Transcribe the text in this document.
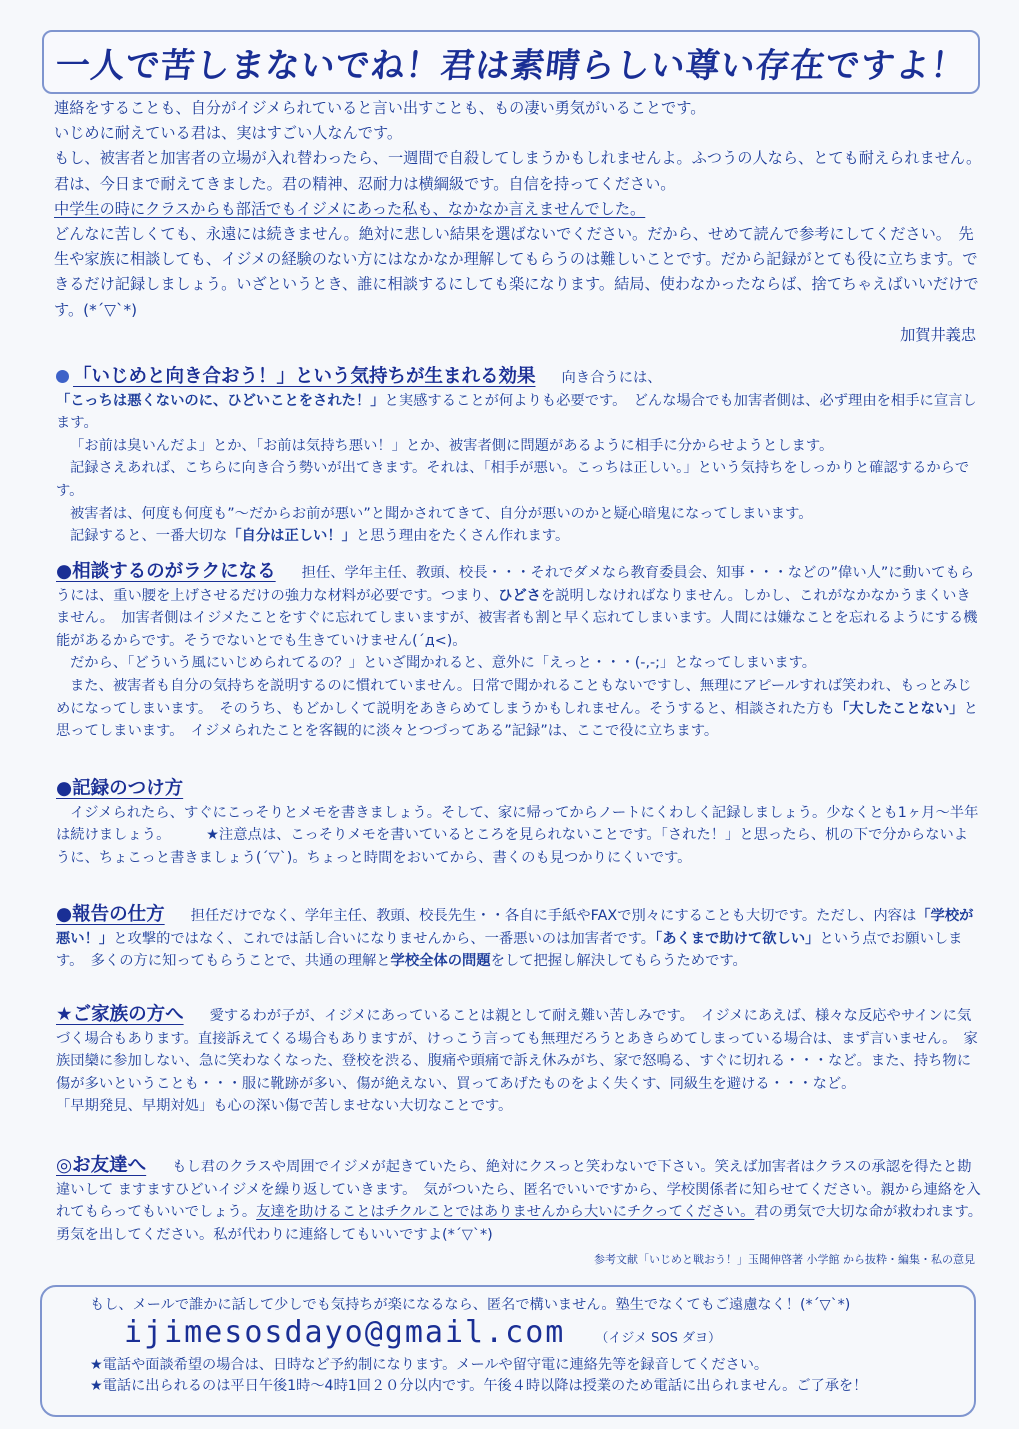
一人で苦しまないでね！君は素晴らしい尊い存在ですよ！

連絡をすることも、自分がイジメられていると言い出すことも、もの凄い勇気がいることです。

いじめに耐えている君は、実はすごい人なんです。

もし、被害者と加害者の立場が入れ替わったら、一週間で自殺してしまうかもしれませんよ。ふつうの人なら、とても耐えられません。君は、今日まで耐えてきました。君の精神、忍耐力は横綱級です。自信を持ってください。

中学生の時にクラスからも部活でもイジメにあった私も、なかなか言えませんでした。

どんなに苦しくても、永遠には続きません。絶対に悲しい結果を選ばないでください。だから、せめて読んで参考にしてください。　先生や家族に相談しても、イジメの経験のない方にはなかなか理解してもらうのは難しいことです。だから記録がとても役に立ちます。できるだけ記録しましょう。いざというとき、誰に相談するにしても楽になります。結局、使わなかったならば、捨てちゃえばいいだけです。(*´▽`*)

加賀井義忠

「いじめと向き合おう！」という気持ちが生まれる効果 向き合うには、「こっちは悪くないのに、ひどいことをされた！」と実感することが何よりも必要です。　どんな場合でも加害者側は、必ず理由を相手に宣言します。

「お前は臭いんだよ」とか、「お前は気持ち悪い！」とか、被害者側に問題があるように相手に分からせようとします。

記録さえあれば、こちらに向き合う勢いが出てきます。それは、「相手が悪い。こっちは正しい。」という気持ちをしっかりと確認するからです。

被害者は、何度も何度も”～だからお前が悪い”と聞かされてきて、自分が悪いのかと疑心暗鬼になってしまいます。

記録すると、一番大切な「自分は正しい！」と思う理由をたくさん作れます。

●相談するのがラクになる 担任、学年主任、教頭、校長・・・それでダメなら教育委員会、知事・・・などの”偉い人”に動いてもらうには、重い腰を上げさせるだけの強力な材料が必要です。つまり、ひどさを説明しなければなりません。しかし、これがなかなかうまくいきません。　加害者側はイジメたことをすぐに忘れてしまいますが、被害者も割と早く忘れてしまいます。人間には嫌なことを忘れるようにする機能があるからです。そうでないとでも生きていけません(´д<)。

だから、「どういう風にいじめられてるの？」といざ聞かれると、意外に「えっと・・・(-,-;」となってしまいます。

また、被害者も自分の気持ちを説明するのに慣れていません。日常で聞かれることもないですし、無理にアピールすれば笑われ、もっとみじめになってしまいます。　そのうち、もどかしくて説明をあきらめてしまうかもしれません。そうすると、相談された方も「大したことない」と思ってしまいます。　イジメられたことを客観的に淡々とつづってある”記録”は、ここで役に立ちます。

●記録のつけ方

イジメられたら、すぐにこっそりとメモを書きましょう。そして、家に帰ってからノートにくわしく記録しましょう。少なくとも1ヶ月～半年は続けましょう。　　　★注意点は、こっそりメモを書いているところを見られないことです。「された！」と思ったら、机の下で分からないように、ちょこっと書きましょう(´▽`)。ちょっと時間をおいてから、書くのも見つかりにくいです。

●報告の仕方 担任だけでなく、学年主任、教頭、校長先生・・各自に手紙やFAXで別々にすることも大切です。ただし、内容は「学校が悪い！」と攻撃的ではなく、これでは話し合いになりませんから、一番悪いのは加害者です。「あくまで助けて欲しい」という点でお願いします。　多くの方に知ってもらうことで、共通の理解と学校全体の問題をして把握し解決してもらうためです。

★ご家族の方へ 愛するわが子が、イジメにあっていることは親として耐え難い苦しみです。　イジメにあえば、様々な反応やサインに気づく場合もあります。直接訴えてくる場合もありますが、けっこう言っても無理だろうとあきらめてしまっている場合は、まず言いません。　家族団欒に参加しない、急に笑わなくなった、登校を渋る、腹痛や頭痛で訴え休みがち、家で怒鳴る、すぐに切れる・・・など。また、持ち物に傷が多いということも・・・服に靴跡が多い、傷が絶えない、買ってあげたものをよく失くす、同級生を避ける・・・など。

「早期発見、早期対処」も心の深い傷で苦しませない大切なことです。

◎お友達へ もし君のクラスや周囲でイジメが起きていたら、絶対にクスっと笑わないで下さい。笑えば加害者はクラスの承認を得たと勘違いして ますますひどいイジメを繰り返していきます。　気がついたら、匿名でいいですから、学校関係者に知らせてください。親から連絡を入れてもらってもいいでしょう。友達を助けることはチクルことではありませんから大いにチクってください。君の勇気で大切な命が救われます。勇気を出してください。私が代わりに連絡してもいいですよ(*´▽`*)

参考文献「いじめと戦おう！」玉聞伸啓著 小学館 から抜粋・編集・私の意見

もし、メールで誰かに話して少しでも気持ちが楽になるなら、匿名で構いません。塾生でなくてもご遠慮なく！(*´▽`*)

ijimesosdayo@gmail.com （イジメ SOS ダヨ）

★電話や面談希望の場合は、日時など予約制になります。メールや留守電に連絡先等を録音してください。

★電話に出られるのは平日午後1時～4時1回２０分以内です。午後４時以降は授業のため電話に出られません。ご了承を！
